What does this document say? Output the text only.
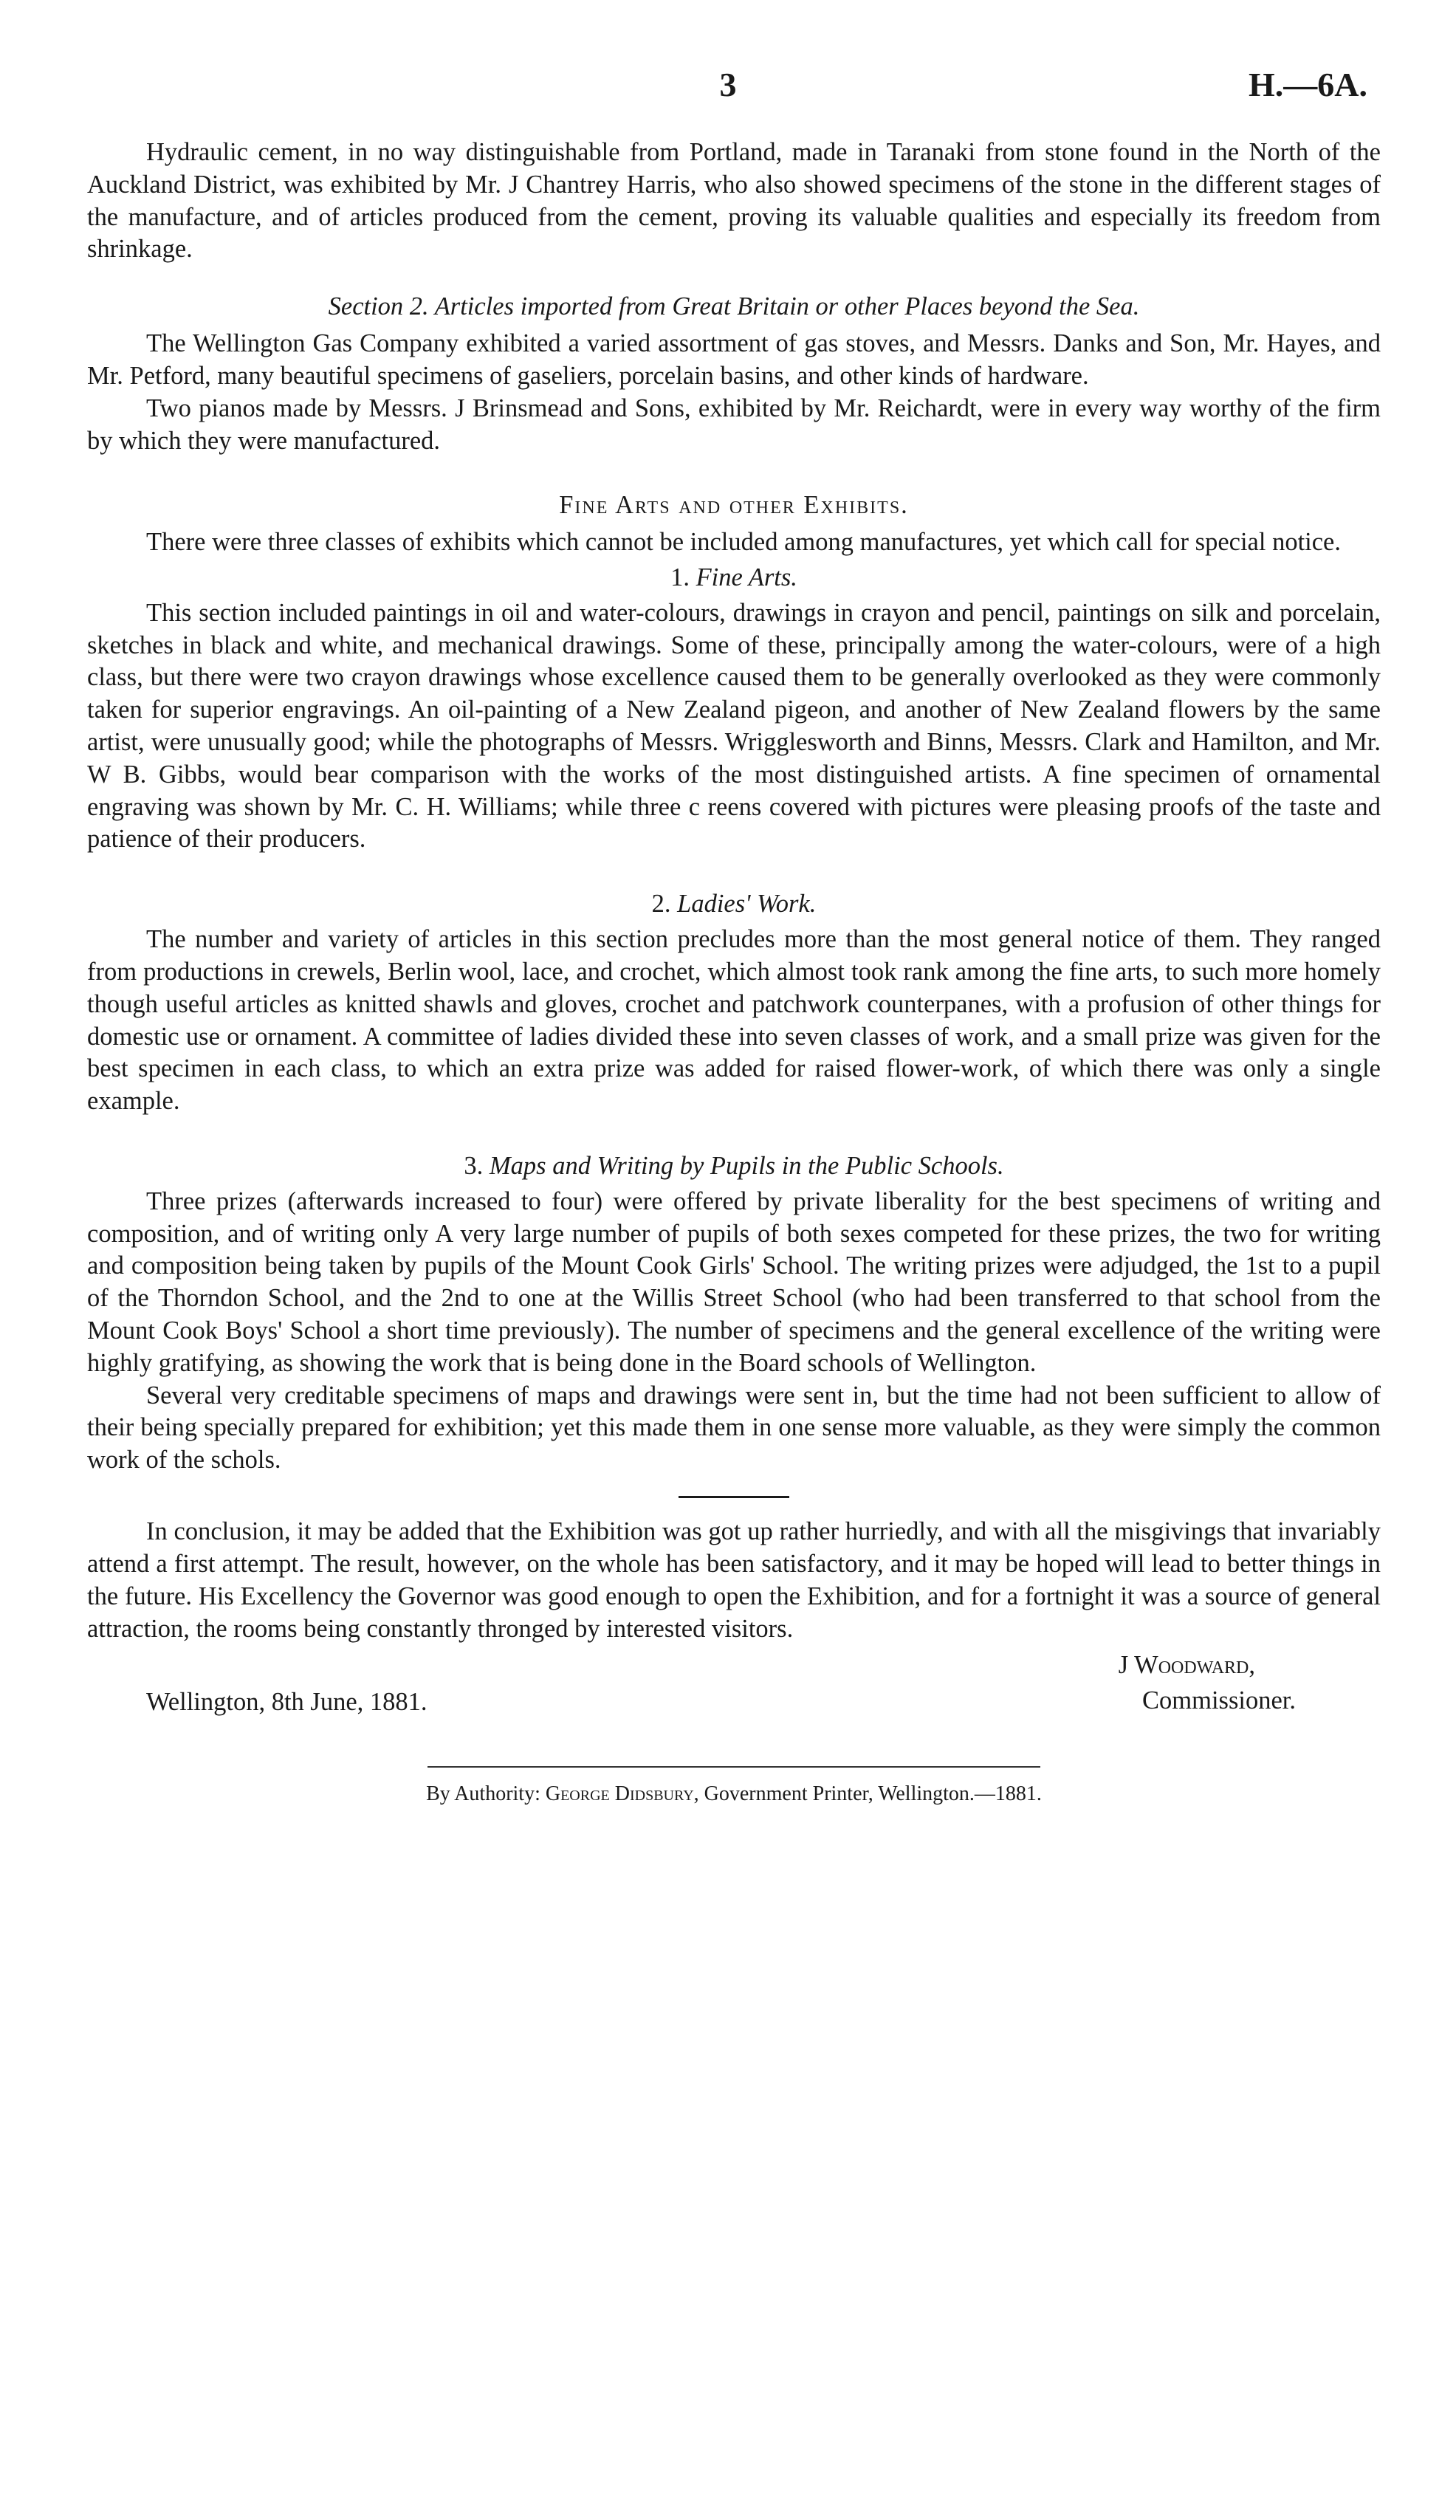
3	H.—6A.

Hydraulic cement, in no way distinguishable from Portland, made in Taranaki from stone found in the North of the Auckland District, was exhibited by Mr. J Chantrey Harris, who also showed specimens of the stone in the different stages of the manufacture, and of articles produced from the cement, proving its valuable qualities and especially its freedom from shrinkage.

Section 2. Articles imported from Great Britain or other Places beyond the Sea.

The Wellington Gas Company exhibited a varied assortment of gas stoves, and Messrs. Danks and Son, Mr. Hayes, and Mr. Petford, many beautiful specimens of gaseliers, porcelain basins, and other kinds of hardware.

Two pianos made by Messrs. J Brinsmead and Sons, exhibited by Mr. Reichardt, were in every way worthy of the firm by which they were manufactured.

Fine Arts and other Exhibits.

There were three classes of exhibits which cannot be included among manufactures, yet which call for special notice.

1. Fine Arts.

This section included paintings in oil and water-colours, drawings in crayon and pencil, paintings on silk and porcelain, sketches in black and white, and mechanical drawings. Some of these, principally among the water-colours, were of a high class, but there were two crayon drawings whose excellence caused them to be generally overlooked as they were commonly taken for superior engravings. An oil-painting of a New Zealand pigeon, and another of New Zealand flowers by the same artist, were unusually good; while the photographs of Messrs. Wrigglesworth and Binns, Messrs. Clark and Hamilton, and Mr. W B. Gibbs, would bear comparison with the works of the most distinguished artists. A fine specimen of ornamental engraving was shown by Mr. C. H. Williams; while three c reens covered with pictures were pleasing proofs of the taste and patience of their producers.

2. Ladies' Work.

The number and variety of articles in this section precludes more than the most general notice of them. They ranged from productions in crewels, Berlin wool, lace, and crochet, which almost took rank among the fine arts, to such more homely though useful articles as knitted shawls and gloves, crochet and patchwork counterpanes, with a profusion of other things for domestic use or ornament. A committee of ladies divided these into seven classes of work, and a small prize was given for the best specimen in each class, to which an extra prize was added for raised flower-work, of which there was only a single example.

3. Maps and Writing by Pupils in the Public Schools.

Three prizes (afterwards increased to four) were offered by private liberality for the best specimens of writing and composition, and of writing only A very large number of pupils of both sexes competed for these prizes, the two for writing and composition being taken by pupils of the Mount Cook Girls' School. The writing prizes were adjudged, the 1st to a pupil of the Thorndon School, and the 2nd to one at the Willis Street School (who had been transferred to that school from the Mount Cook Boys' School a short time previously). The number of specimens and the general excellence of the writing were highly gratifying, as showing the work that is being done in the Board schools of Wellington.

Several very creditable specimens of maps and drawings were sent in, but the time had not been sufficient to allow of their being specially prepared for exhibition; yet this made them in one sense more valuable, as they were simply the common work of the schols.

In conclusion, it may be added that the Exhibition was got up rather hurriedly, and with all the misgivings that invariably attend a first attempt. The result, however, on the whole has been satisfactory, and it may be hoped will lead to better things in the future. His Excellency the Governor was good enough to open the Exhibition, and for a fortnight it was a source of general attraction, the rooms being constantly thronged by interested visitors.

Wellington, 8th June, 1881.
J Woodward,
Commissioner.
By Authority: George Didsbury, Government Printer, Wellington.—1881.
